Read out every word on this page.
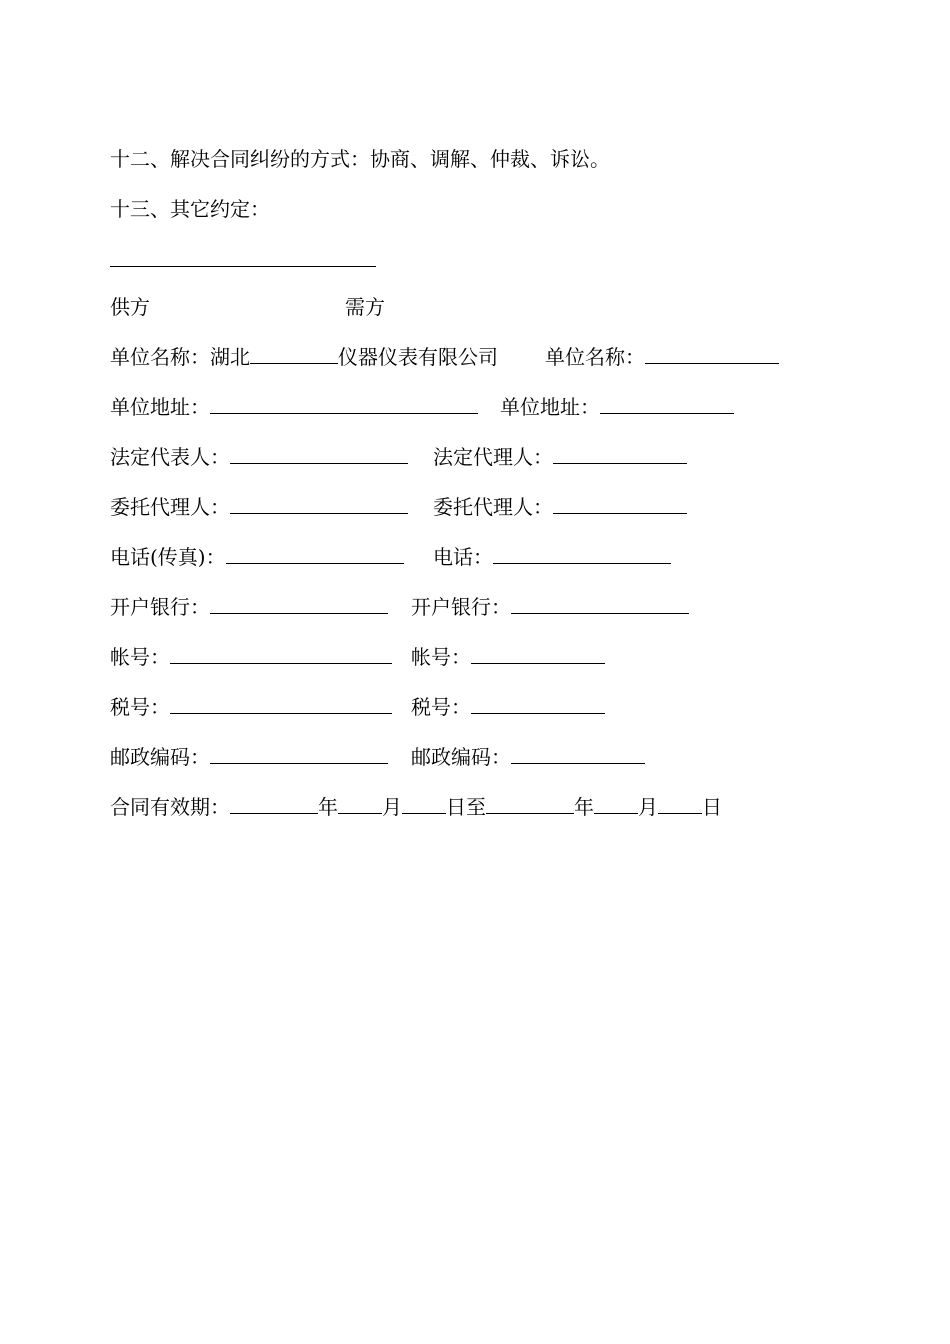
十二、解决合同纠纷的方式：协商、调解、仲裁、诉讼。
十三、其它约定：
供方	需方
单位名称：湖北	仪器仪表有限公司 单位名称：
单位地址：	单位地址：
法定代表人：	法定代理人：
委托代理人：	委托代理人：
电话(传真)：	电话：
开户银行：	开户银行：
帐号：	帐号：
税号：	税号：
邮政编码：	邮政编码：
合同有效期：	年 月 日至	年 月 日
